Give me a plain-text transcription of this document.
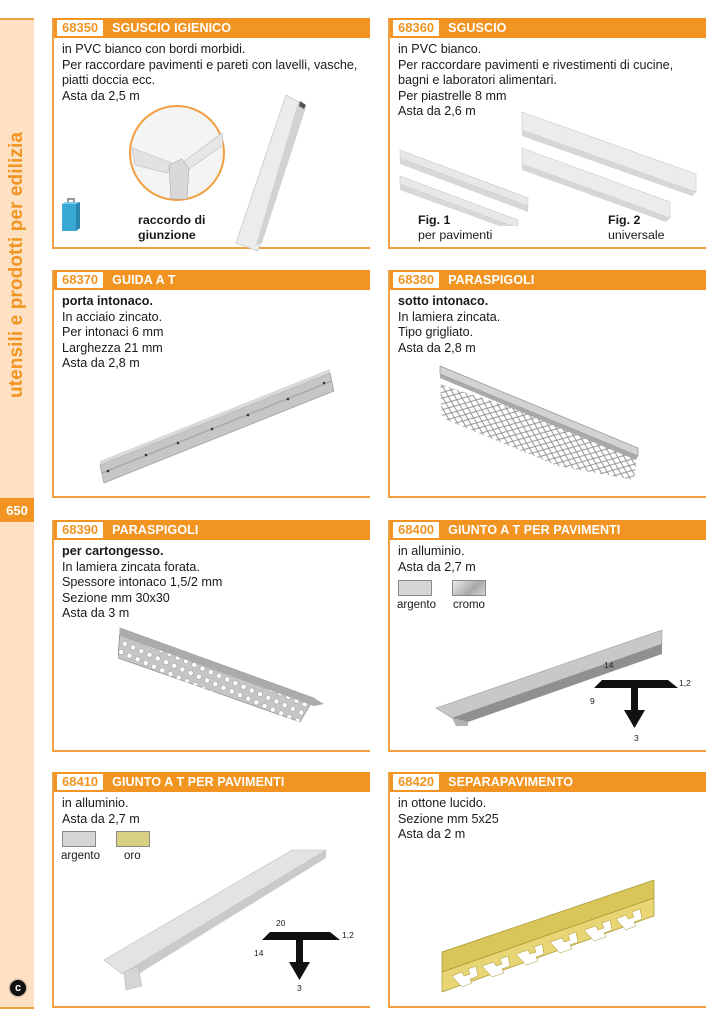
utensili e prodotti per edilizia
650
c
68350	SGUSCIO IGIENICO
in PVC bianco con bordi morbidi.
Per raccordare pavimenti e pareti con lavelli, vasche,
piatti doccia ecc.
Asta da 2,5 m
raccordo di
giunzione
68360	SGUSCIO
in PVC bianco.
Per raccordare pavimenti e rivestimenti di cucine,
bagni e laboratori alimentari.
Per piastrelle 8 mm
Asta da 2,6 m
Fig. 1
per pavimenti
Fig. 2
universale
68370	GUIDA A T
porta intonaco.
In acciaio zincato.
Per intonaci 6 mm
Larghezza 21 mm
Asta da 2,8 m
68380	PARASPIGOLI
sotto intonaco.
In lamiera zincata.
Tipo grigliato.
Asta da 2,8 m
68390	PARASPIGOLI
per cartongesso.
In lamiera zincata forata.
Spessore intonaco 1,5/2 mm
Sezione mm 30x30
Asta da 3 m
68400	GIUNTO A T PER PAVIMENTI
in alluminio.
Asta da 2,7 m
argento cromo
14
1,2
9
3
68410	GIUNTO A T PER PAVIMENTI
in alluminio.
Asta da 2,7 m
argento oro
20
1,2
14
3
68420	SEPARAPAVIMENTO
in ottone lucido.
Sezione mm 5x25
Asta da 2 m
